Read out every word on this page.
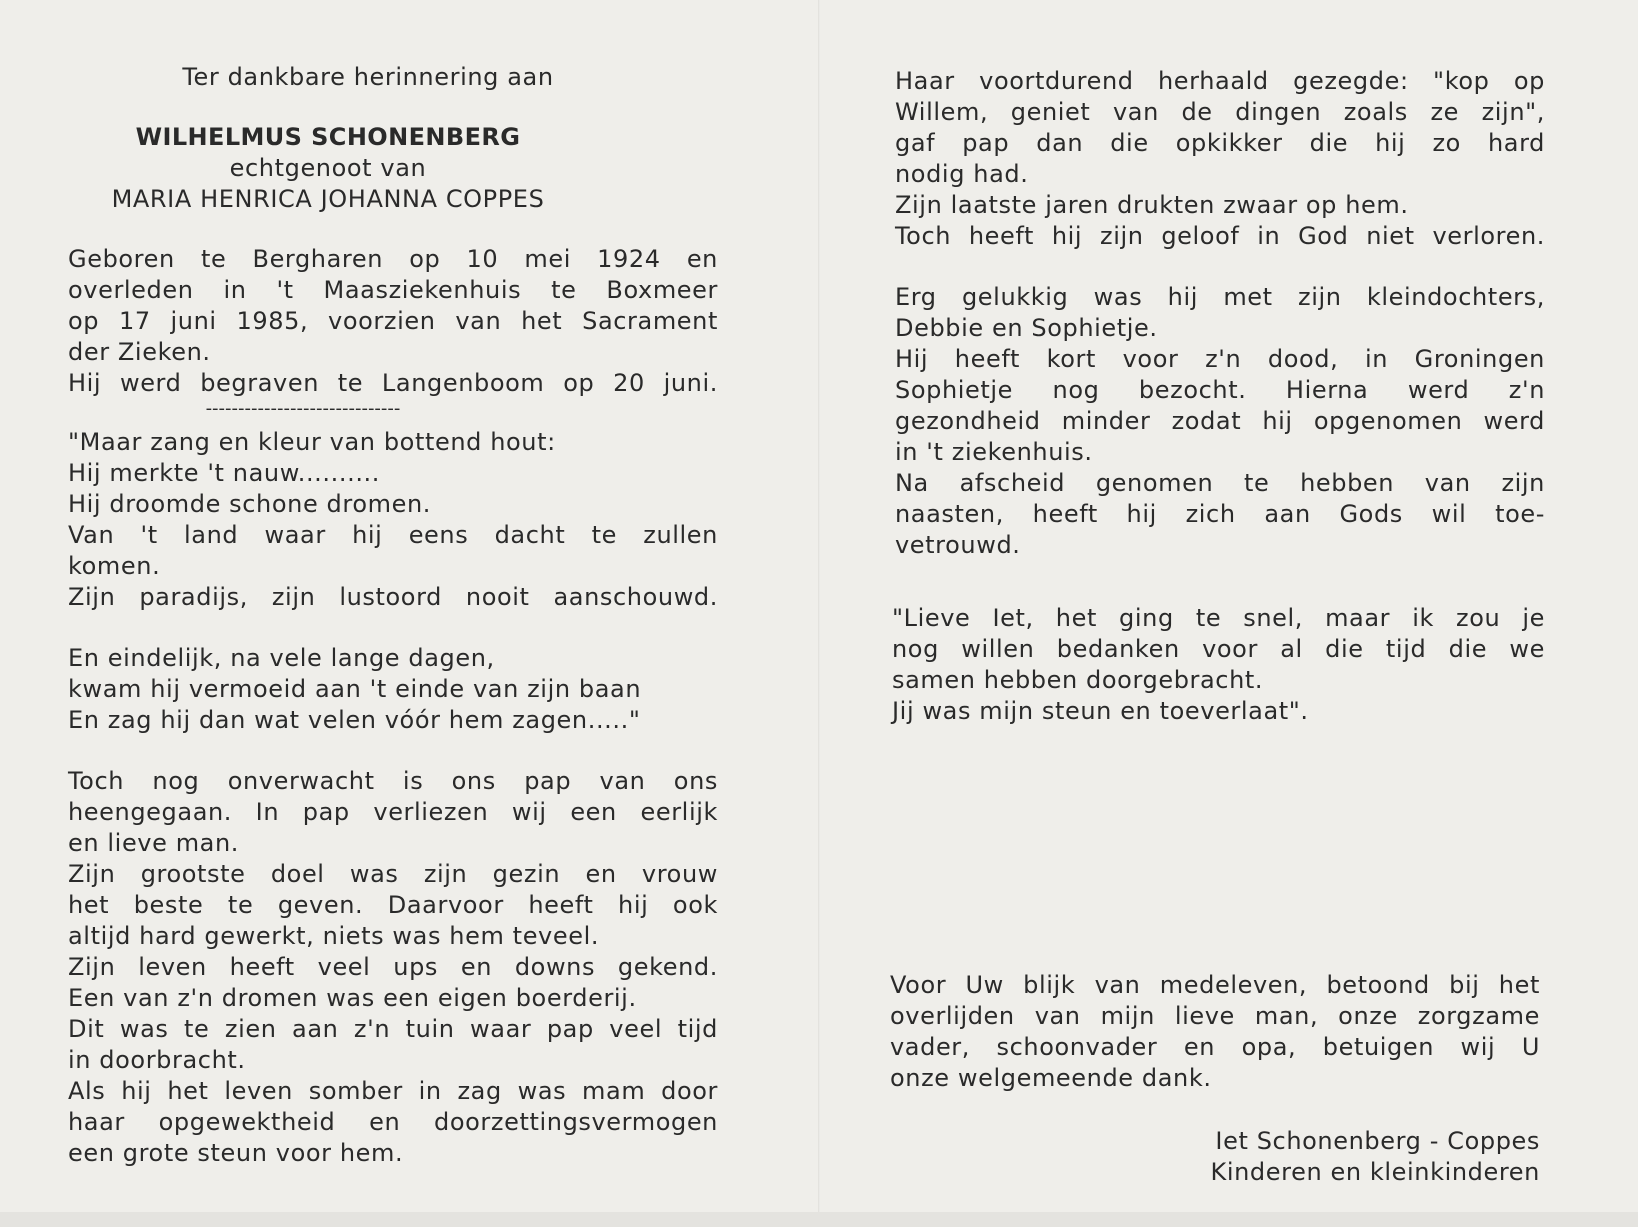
Ter dankbare herinnering aan
WILHELMUS SCHONENBERG
echtgenoot van
MARIA HENRICA JOHANNA COPPES
Geboren te Bergharen op 10 mei 1924 en
overleden in 't Maasziekenhuis te Boxmeer
op 17 juni 1985, voorzien van het Sacrament
der Zieken.
Hij werd begraven te Langenboom op 20 juni.
------------------------------
"Maar zang en kleur van bottend hout:
Hij merkte 't nauw..........
Hij droomde schone dromen.
Van 't land waar hij eens dacht te zullen
komen.
Zijn paradijs, zijn lustoord nooit aanschouwd.
En eindelijk, na vele lange dagen,
kwam hij vermoeid aan 't einde van zijn baan
En zag hij dan wat velen vóór hem zagen....."
Toch nog onverwacht is ons pap van ons
heengegaan. In pap verliezen wij een eerlijk
en lieve man.
Zijn grootste doel was zijn gezin en vrouw
het beste te geven. Daarvoor heeft hij ook
altijd hard gewerkt, niets was hem teveel.
Zijn leven heeft veel ups en downs gekend.
Een van z'n dromen was een eigen boerderij.
Dit was te zien aan z'n tuin waar pap veel tijd
in doorbracht.
Als hij het leven somber in zag was mam door
haar opgewektheid en doorzettingsvermogen
een grote steun voor hem.
Haar voortdurend herhaald gezegde: "kop op
Willem, geniet van de dingen zoals ze zijn",
gaf pap dan die opkikker die hij zo hard
nodig had.
Zijn laatste jaren drukten zwaar op hem.
Toch heeft hij zijn geloof in God niet verloren.
Erg gelukkig was hij met zijn kleindochters,
Debbie en Sophietje.
Hij heeft kort voor z'n dood, in Groningen
Sophietje nog bezocht. Hierna werd z'n
gezondheid minder zodat hij opgenomen werd
in 't ziekenhuis.
Na afscheid genomen te hebben van zijn
naasten, heeft hij zich aan Gods wil toe-
vetrouwd.
"Lieve Iet, het ging te snel, maar ik zou je
nog willen bedanken voor al die tijd die we
samen hebben doorgebracht.
Jij was mijn steun en toeverlaat".
Voor Uw blijk van medeleven, betoond bij het
overlijden van mijn lieve man, onze zorgzame
vader, schoonvader en opa, betuigen wij U
onze welgemeende dank.
Iet Schonenberg - Coppes
Kinderen en kleinkinderen
